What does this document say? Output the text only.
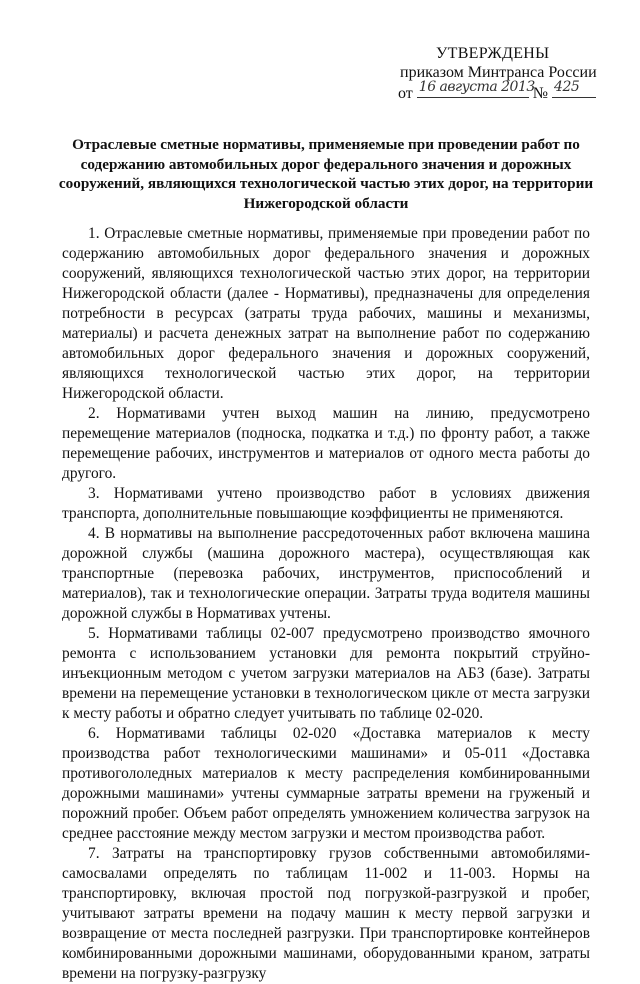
УТВЕРЖДЕНЫ
приказом Минтранса России
от 16 августа 2013
№ 425
Отраслевые сметные нормативы, применяемые при проведении работ по содержанию автомобильных дорог федерального значения и дорожных сооружений, являющихся технологической частью этих дорог, на территории Нижегородской области

1. Отраслевые сметные нормативы, применяемые при проведении работ по содержанию автомобильных дорог федерального значения и дорожных сооружений, являющихся технологической частью этих дорог, на территории Нижегородской области (далее - Нормативы), предназначены для определения потребности в ресурсах (затраты труда рабочих, машины и механизмы, материалы) и расчета денежных затрат на выполнение работ по содержанию автомобильных дорог федерального значения и дорожных сооружений, являющихся технологической частью этих дорог, на территории Нижегородской области.

2. Нормативами учтен выход машин на линию, предусмотрено перемещение материалов (подноска, подкатка и т.д.) по фронту работ, а также перемещение рабочих, инструментов и материалов от одного места работы до другого.

3. Нормативами учтено производство работ в условиях движения транспорта, дополнительные повышающие коэффициенты не применяются.

4. В нормативы на выполнение рассредоточенных работ включена машина дорожной службы (машина дорожного мастера), осуществляющая как транспортные (перевозка рабочих, инструментов, приспособлений и материалов), так и технологические операции. Затраты труда водителя машины дорожной службы в Нормативах учтены.

5. Нормативами таблицы 02-007 предусмотрено производство ямочного ремонта с использованием установки для ремонта покрытий струйно-инъекционным методом с учетом загрузки материалов на АБЗ (базе). Затраты времени на перемещение установки в технологическом цикле от места загрузки к месту работы и обратно следует учитывать по таблице 02-020.

6. Нормативами таблицы 02-020 «Доставка материалов к месту производства работ технологическими машинами» и 05-011 «Доставка противогололедных материалов к месту распределения комбинированными дорожными машинами» учтены суммарные затраты времени на груженый и порожний пробег. Объем работ определять умножением количества загрузок на среднее расстояние между местом загрузки и местом производства работ.

7. Затраты на транспортировку грузов собственными автомобилями-самосвалами определять по таблицам 11-002 и 11-003. Нормы на транспортировку, включая простой под погрузкой-разгрузкой и пробег, учитывают затраты времени на подачу машин к месту первой загрузки и возвращение от места последней разгрузки. При транспортировке контейнеров комбинированными дорожными машинами, оборудованными краном, затраты времени на погрузку-разгрузку
